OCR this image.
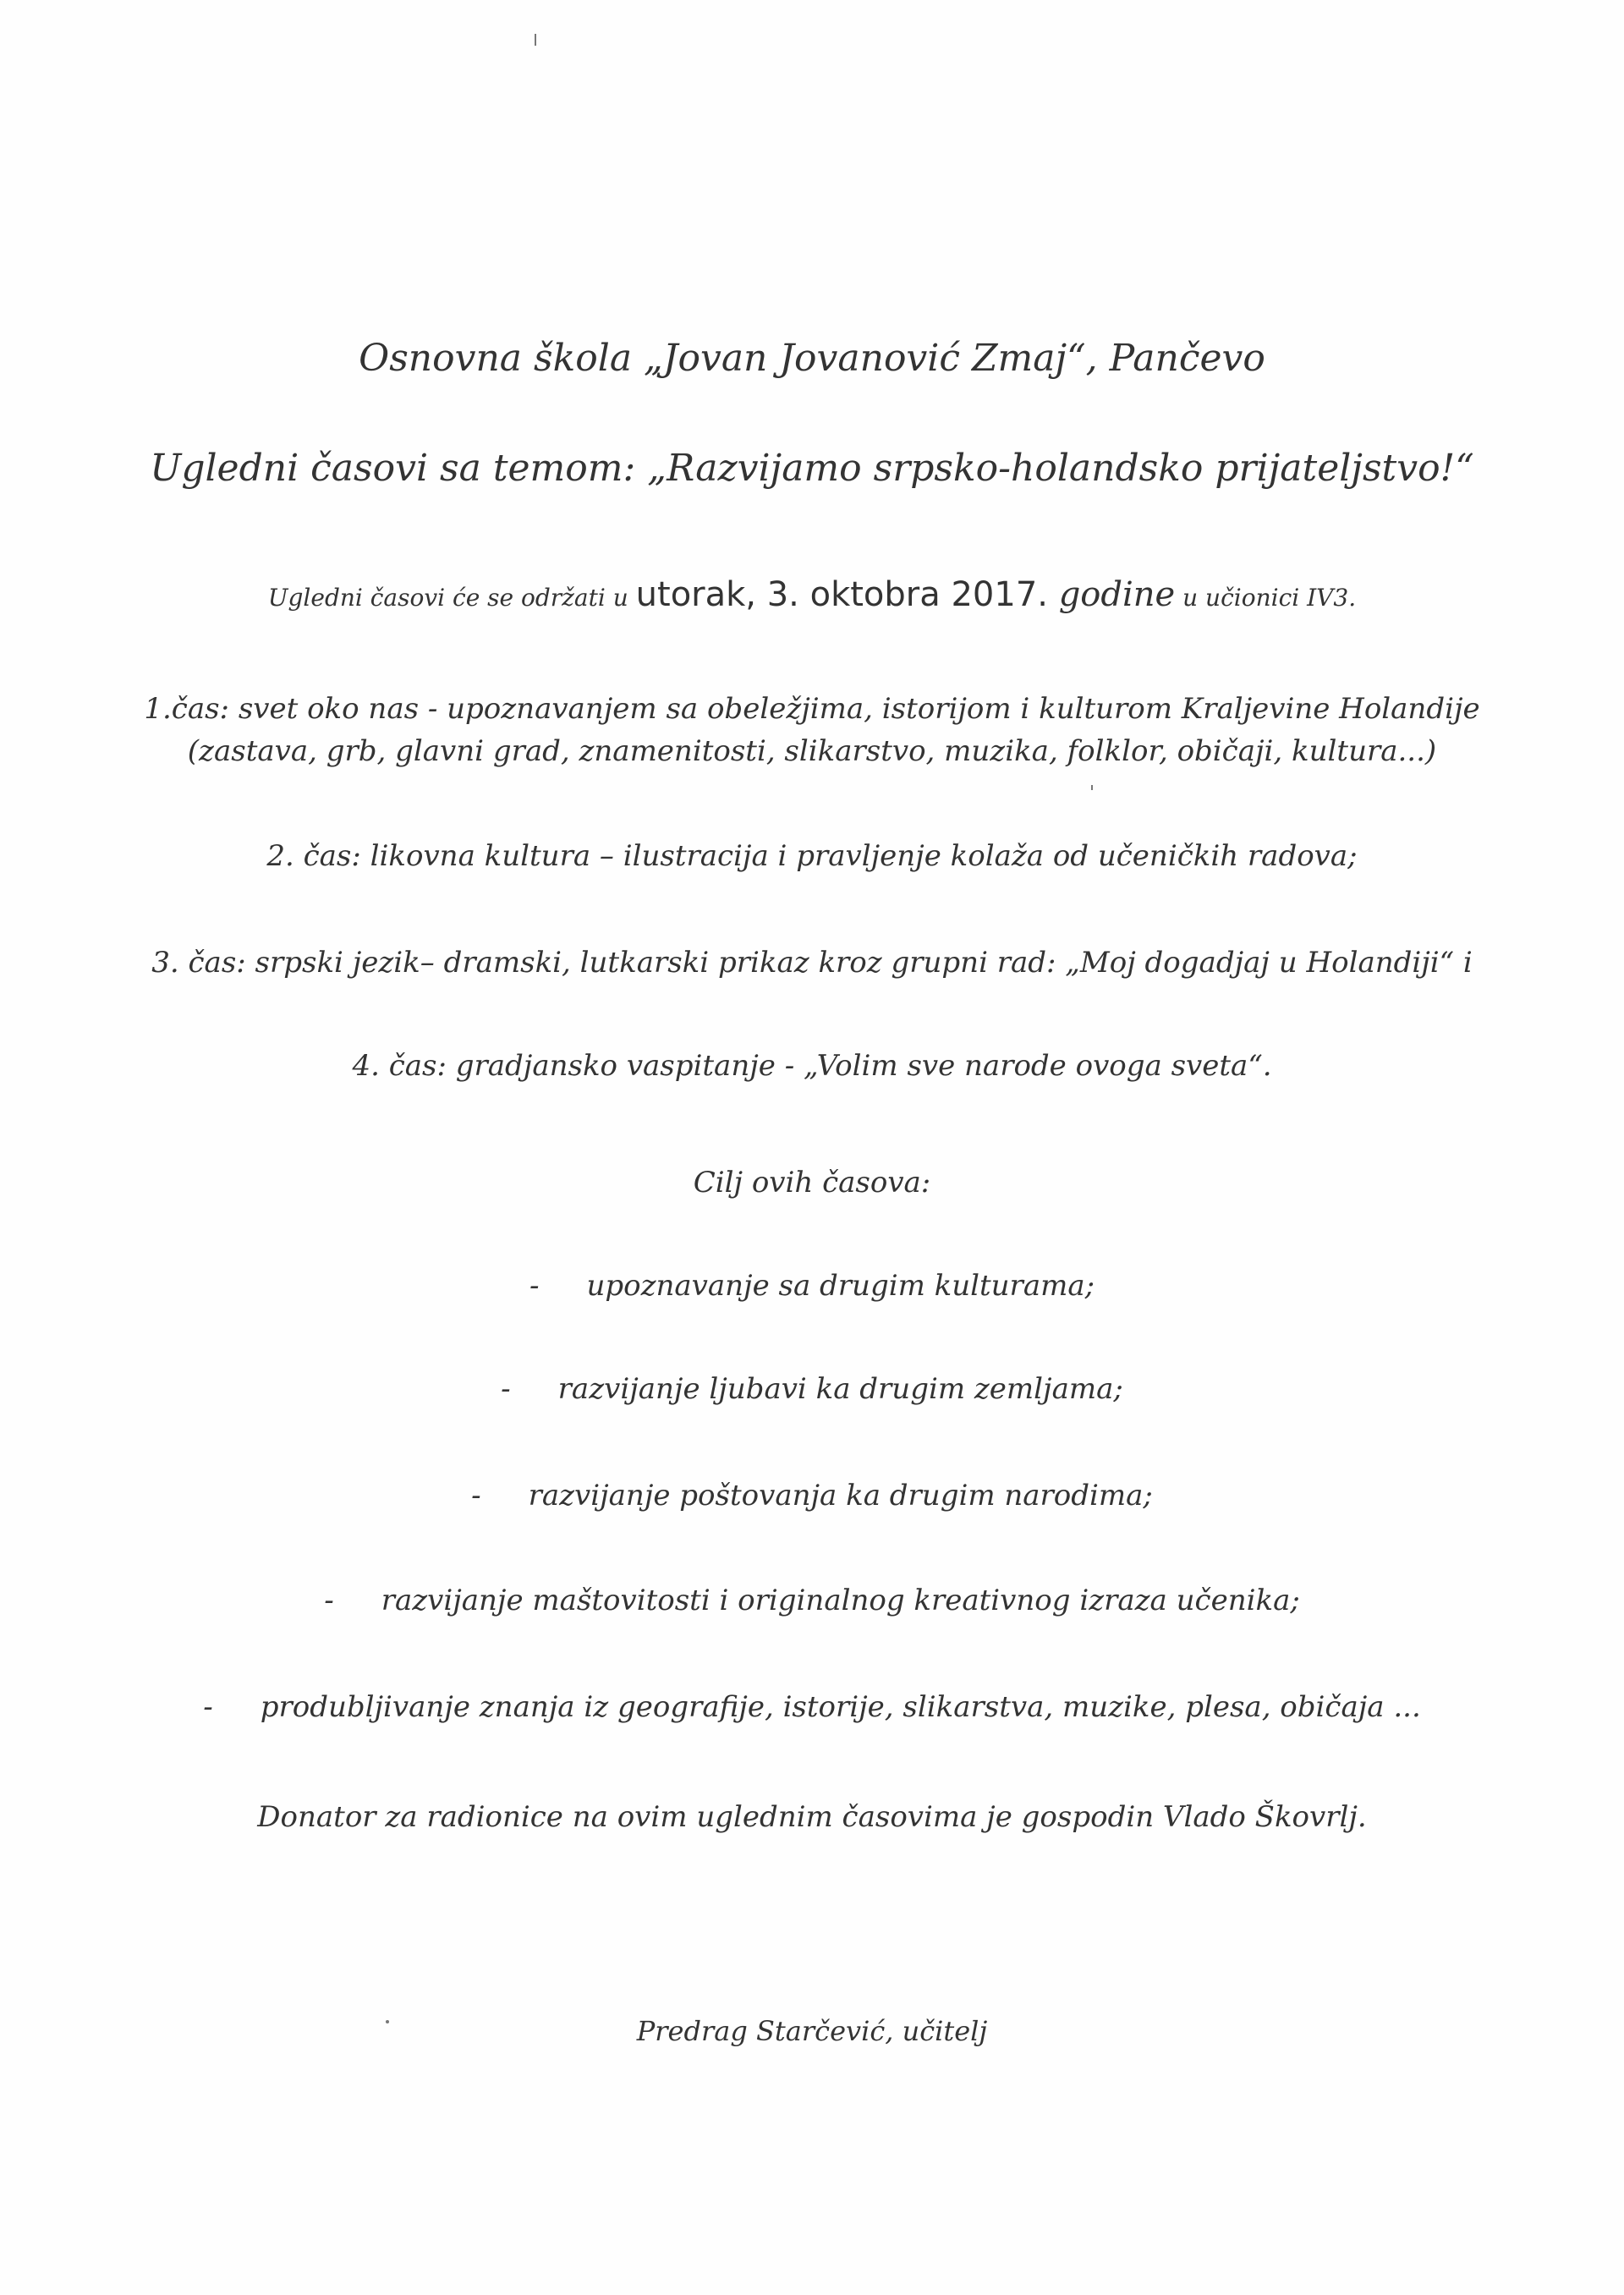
Osnovna škola „Jovan Jovanović Zmaj“, Pančevo
Ugledni časovi sa temom: „Razvijamo srpsko-holandsko prijateljstvo!“
Ugledni časovi će se održati u utorak, 3. oktobra 2017. godine u učionici IV3.
1.čas: svet oko nas - upoznavanjem sa obeležjima, istorijom i kulturom Kraljevine Holandije
(zastava, grb, glavni grad, znamenitosti, slikarstvo, muzika, folklor, običaji, kultura...)
2. čas: likovna kultura – ilustracija i pravljenje kolaža od učeničkih radova;
3. čas: srpski jezik– dramski, lutkarski prikaz kroz grupni rad: „Moj dogadjaj u Holandiji“ i
4. čas: gradjansko vaspitanje - „Volim sve narode ovoga sveta“.
Cilj ovih časova:
- upoznavanje sa drugim kulturama;
- razvijanje ljubavi ka drugim zemljama;
- razvijanje poštovanja ka drugim narodima;
- razvijanje maštovitosti i originalnog kreativnog izraza učenika;
- produbljivanje znanja iz geografije, istorije, slikarstva, muzike, plesa, običaja ...
Donator za radionice na ovim uglednim časovima je gospodin Vlado Škovrlj.
Predrag Starčević, učitelj
